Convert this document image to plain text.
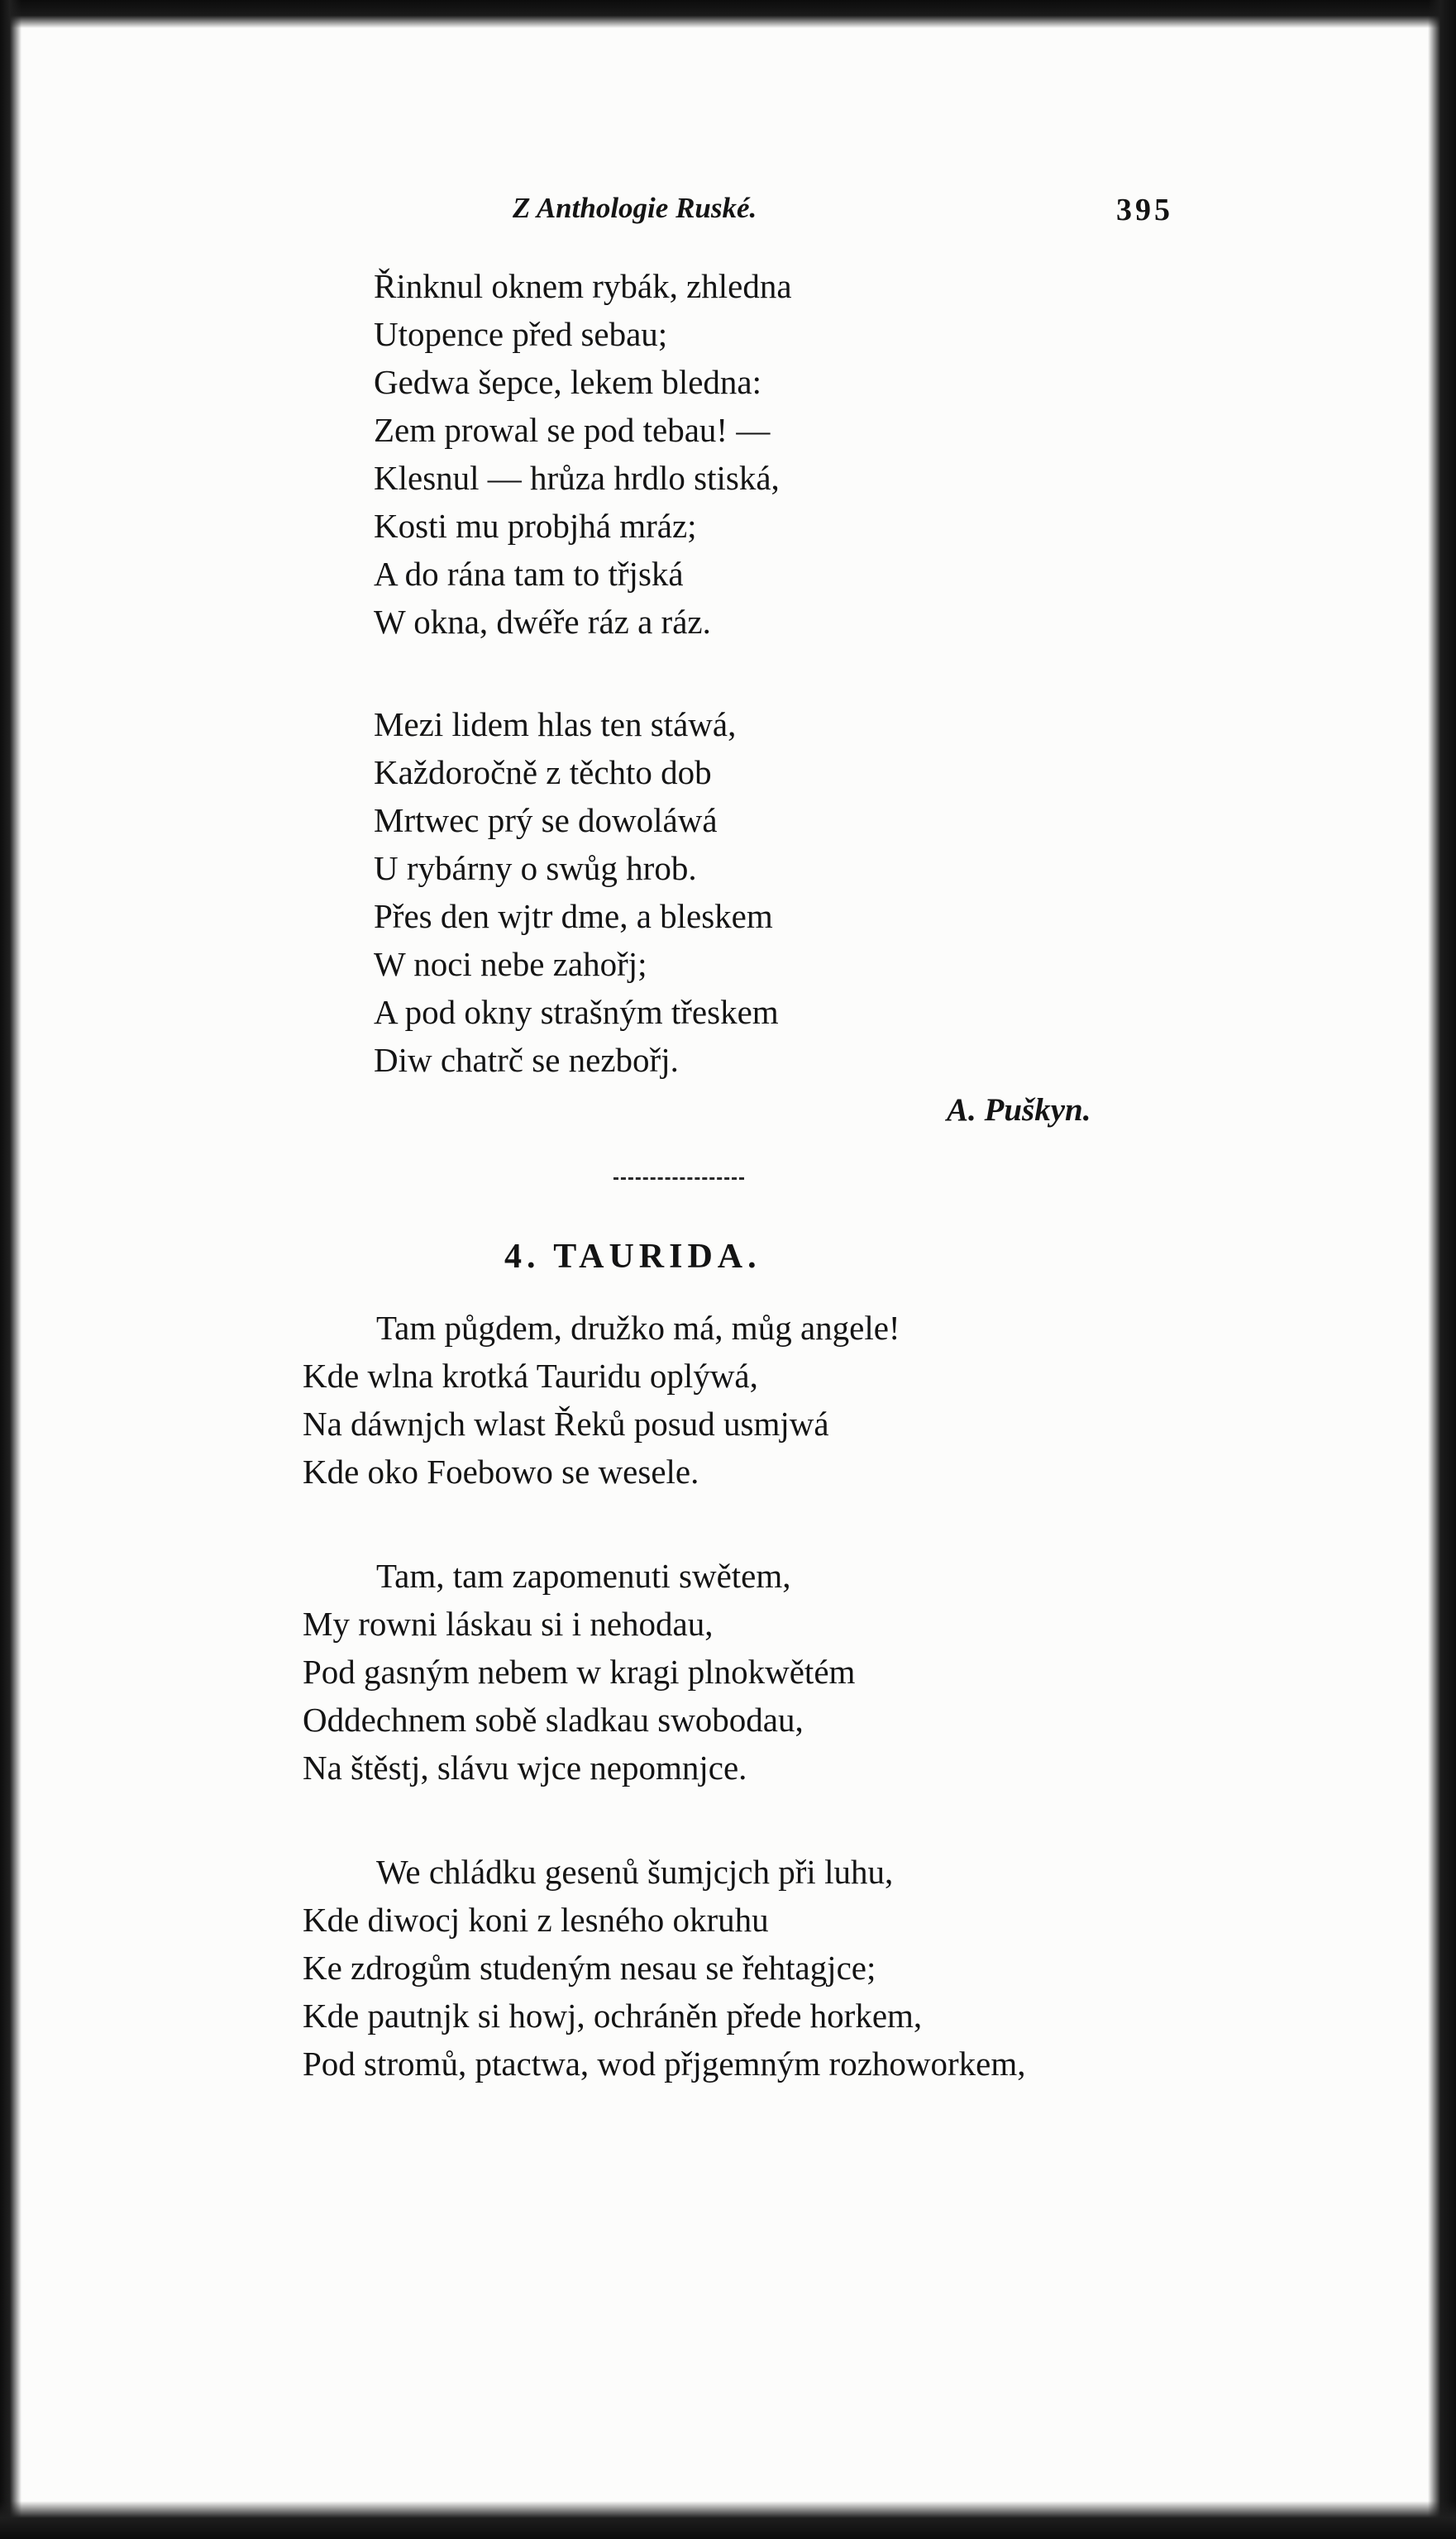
Z Anthologie Ruské.	395
Řinknul oknem rybák, zhledna
Utopence před sebau;
Gedwa šepce, lekem bledna:
Zem prowal se pod tebau! —
Klesnul — hrůza hrdlo stiská,
Kosti mu probjhá mráz;
A do rána tam to třjská
W okna, dwéře ráz a ráz.
Mezi lidem hlas ten stáwá,
Každoročně z těchto dob
Mrtwec prý se dowoláwá
U rybárny o swůg hrob.
Přes den wjtr dme, a bleskem
W noci nebe zahořj;
A pod okny strašným třeskem
Diw chatrč se nezbořj.
A. Puškyn.
4. TAURIDA.
Tam půgdem, družko má, můg angele!
Kde wlna krotká Tauridu oplýwá,
Na dáwnjch wlast Řeků posud usmjwá
Kde oko Foebowo se wesele.
Tam, tam zapomenuti swětem,
My rowni láskau si i nehodau,
Pod gasným nebem w kragi plnokwětém
Oddechnem sobě sladkau swobodau,
Na štěstj, slávu wjce nepomnjce.
We chládku gesenů šumjcjch při luhu,
Kde diwocj koni z lesného okruhu
Ke zdrogům studeným nesau se řehtagjce;
Kde pautnjk si howj, ochráněn přede horkem,
Pod stromů, ptactwa, wod přjgemným rozhoworkem,
